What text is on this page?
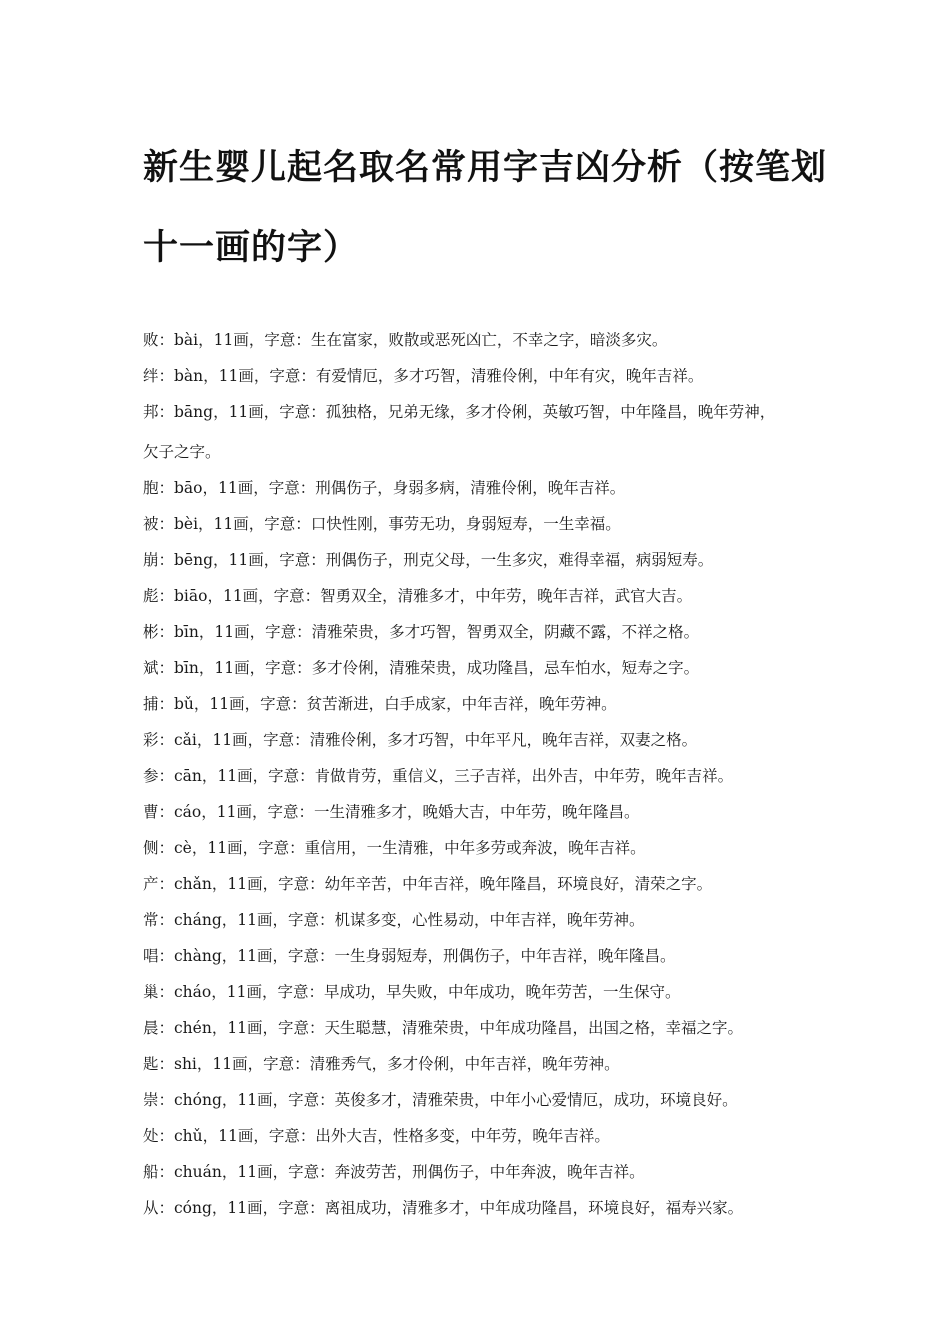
新生婴儿起名取名常用字吉凶分析（按笔划
十一画的字）
败：bài，11画，字意：生在富家，败散或恶死凶亡，不幸之字，暗淡多灾。
绊：bàn，11画，字意：有爱情厄，多才巧智，清雅伶俐，中年有灾，晚年吉祥。
邦：bāng，11画，字意：孤独格，兄弟无缘，多才伶俐，英敏巧智，中年隆昌，晚年劳神，
欠子之字。
胞：bāo，11画，字意：刑偶伤子，身弱多病，清雅伶俐，晚年吉祥。
被：bèi，11画，字意：口快性刚，事劳无功，身弱短寿，一生幸福。
崩：bēng，11画，字意：刑偶伤子，刑克父母，一生多灾，难得幸福，病弱短寿。
彪：biāo，11画，字意：智勇双全，清雅多才，中年劳，晚年吉祥，武官大吉。
彬：bīn，11画，字意：清雅荣贵，多才巧智，智勇双全，阴藏不露，不祥之格。
斌：bīn，11画，字意：多才伶俐，清雅荣贵，成功隆昌，忌车怕水，短寿之字。
捕：bǔ，11画，字意：贫苦渐进，白手成家，中年吉祥，晚年劳神。
彩：cǎi，11画，字意：清雅伶俐，多才巧智，中年平凡，晚年吉祥，双妻之格。
参：cān，11画，字意：肯做肯劳，重信义，三子吉祥，出外吉，中年劳，晚年吉祥。
曹：cáo，11画，字意：一生清雅多才，晚婚大吉，中年劳，晚年隆昌。
侧：cè，11画，字意：重信用，一生清雅，中年多劳或奔波，晚年吉祥。
产：chǎn，11画，字意：幼年辛苦，中年吉祥，晚年隆昌，环境良好，清荣之字。
常：cháng，11画，字意：机谋多变，心性易动，中年吉祥，晚年劳神。
唱：chàng，11画，字意：一生身弱短寿，刑偶伤子，中年吉祥，晚年隆昌。
巢：cháo，11画，字意：早成功，早失败，中年成功，晚年劳苦，一生保守。
晨：chén，11画，字意：天生聪慧，清雅荣贵，中年成功隆昌，出国之格，幸福之字。
匙：shi，11画，字意：清雅秀气，多才伶俐，中年吉祥，晚年劳神。
崇：chóng，11画，字意：英俊多才，清雅荣贵，中年小心爱情厄，成功，环境良好。
处：chǔ，11画，字意：出外大吉，性格多变，中年劳，晚年吉祥。
船：chuán，11画，字意：奔波劳苦，刑偶伤子，中年奔波，晚年吉祥。
从：cóng，11画，字意：离祖成功，清雅多才，中年成功隆昌，环境良好，福寿兴家。
